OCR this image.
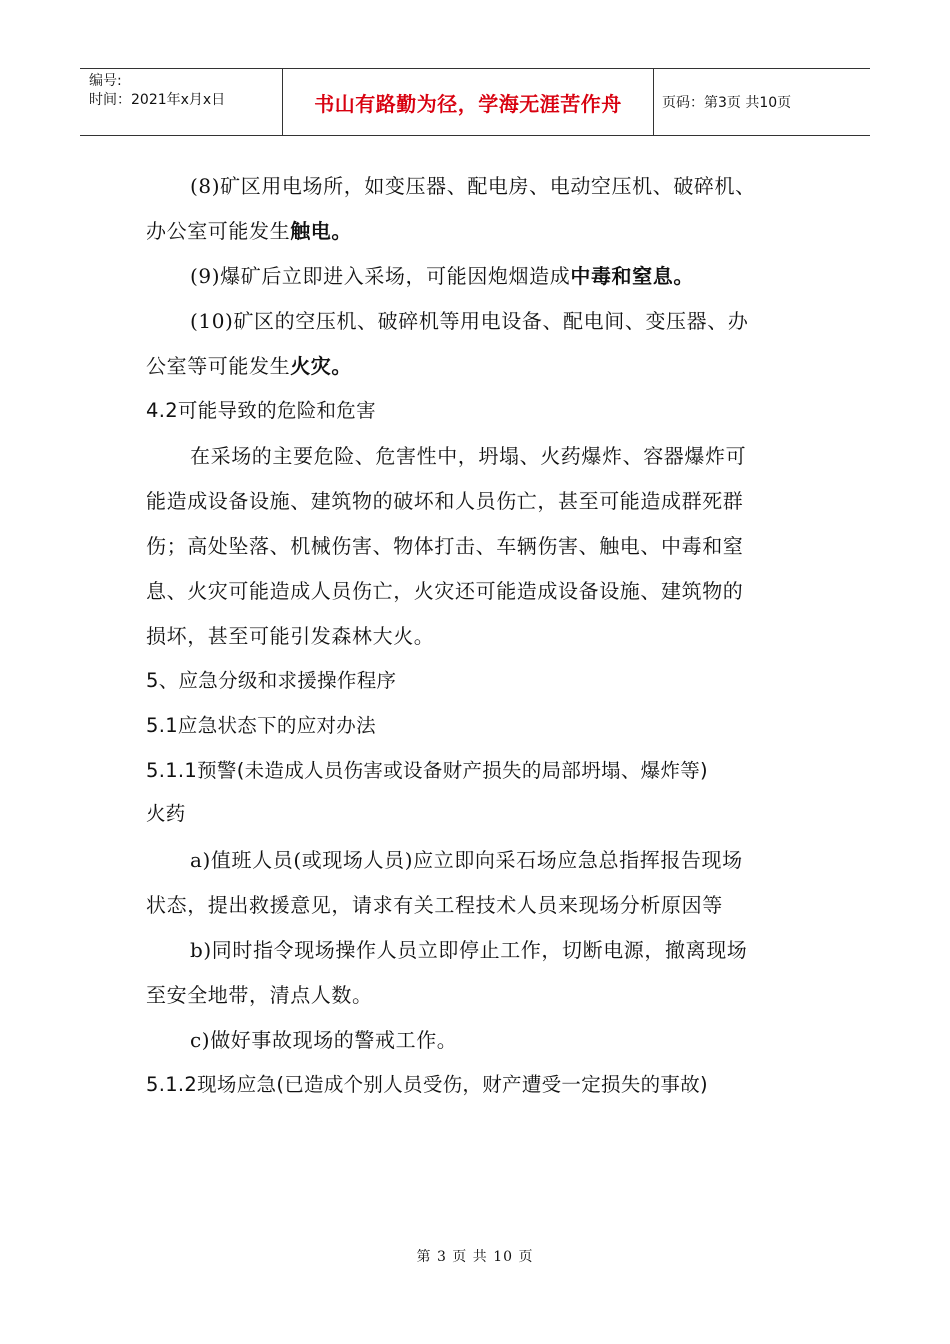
编号:
时间：2021年x月x日	书山有路勤为径，学海无涯苦作舟	页码：第3页 共10页
(8)矿区用电场所，如变压器、配电房、电动空压机、破碎机、
办公室可能发生触电。
(9)爆矿后立即进入采场，可能因炮烟造成中毒和窒息。
(10)矿区的空压机、破碎机等用电设备、配电间、变压器、办
公室等可能发生火灾。
4.2可能导致的危险和危害
在采场的主要危险、危害性中，坍塌、火药爆炸、容器爆炸可
能造成设备设施、建筑物的破坏和人员伤亡，甚至可能造成群死群
伤；高处坠落、机械伤害、物体打击、车辆伤害、触电、中毒和窒
息、火灾可能造成人员伤亡，火灾还可能造成设备设施、建筑物的
损坏，甚至可能引发森林大火。
5、应急分级和求援操作程序
5.1应急状态下的应对办法
5.1.1预警(未造成人员伤害或设备财产损失的局部坍塌、爆炸等)
火药
a)值班人员(或现场人员)应立即向采石场应急总指挥报告现场
状态，提出救援意见，请求有关工程技术人员来现场分析原因等
b)同时指令现场操作人员立即停止工作，切断电源，撤离现场
至安全地带，清点人数。
c)做好事故现场的警戒工作。
5.1.2现场应急(已造成个别人员受伤，财产遭受一定损失的事故)
第 3 页 共 10 页
